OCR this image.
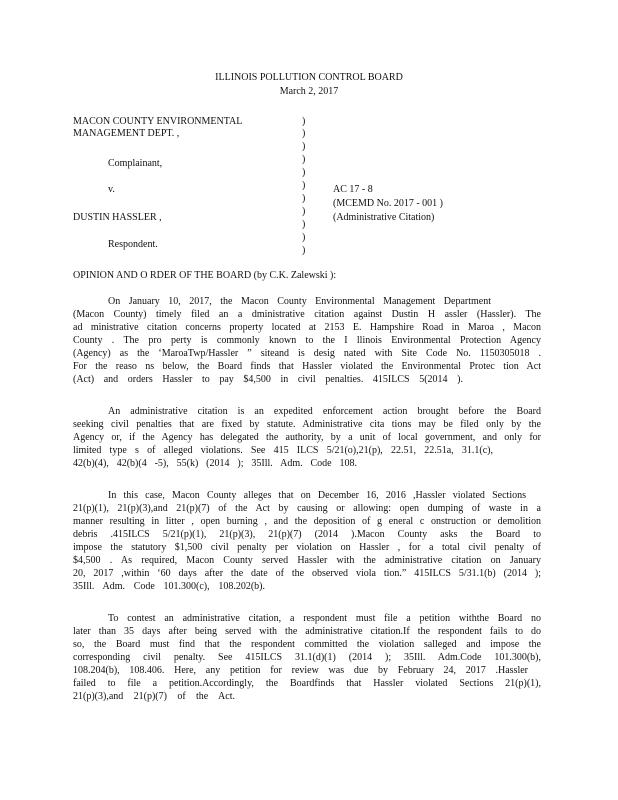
ILLINOIS POLLUTION CONTROL BOARD
March 2, 2017
MACON COUNTY ENVIRONMENTAL
MANAGEMENT DEPT. ,
Complainant,
v.
DUSTIN HASSLER ,
Respondent.
)
)
)
)
)
)
)
)
)
)
)
AC 17 - 8
(MCEMD No. 2017 - 001 )
(Administrative Citation)
OPINION AND O RDER OF THE BOARD (by C.K. Zalewski ):
On January 10, 2017, the Macon County Environmental Management Department
(Macon County) timely filed an a dministrative citation against Dustin H assler (Hassler). The
ad ministrative citation concerns property located at 2153 E. Hampshire Road in Maroa , Macon
County . The pro perty is commonly known to the I llinois Environmental Protection Agency
(Agency) as the ‘MaroaTwp/Hassler ” siteand is desig nated with Site Code No. 1150305018 .
For the reaso ns below, the Board finds that Hassler violated the Environmental Protec tion Act
(Act) and orders Hassler to pay $4,500 in civil penalties. 415ILCS 5(2014 ).
An administrative citation is an expedited enforcement action brought before the Board
seeking civil penalties that are fixed by statute. Administrative cita tions may be filed only by the
Agency or, if the Agency has delegated the authority, by a unit of local government, and only for
limited type s of alleged violations. See 415 ILCS 5/21(o),21(p), 22.51, 22.51a, 31.1(c),
42(b)(4), 42(b)(4 -5), 55(k) (2014 ); 35Ill. Adm. Code 108.
In this case, Macon County alleges that on December 16, 2016 ,Hassler violated Sections
21(p)(1), 21(p)(3),and 21(p)(7) of the Act by causing or allowing: open dumping of waste in a
manner resulting in litter , open burning , and the deposition of g eneral c onstruction or demolition
debris .415ILCS 5/21(p)(1), 21(p)(3), 21(p)(7) (2014 ).Macon County asks the Board to
impose the statutory $1,500 civil penalty per violation on Hassler , for a total civil penalty of
$4,500 . As required, Macon County served Hassler with the administrative citation on January
20, 2017 ,within ‘60 days after the date of the observed viola tion.” 415ILCS 5/31.1(b) (2014 );
35Ill. Adm. Code 101.300(c), 108.202(b).
To contest an administrative citation, a respondent must file a petition withthe Board no
later than 35 days after being served with the administrative citation.If the respondent fails to do
so, the Board must find that the respondent committed the violation salleged and impose the
corresponding civil penalty. See 415ILCS 31.1(d)(1) (2014 ); 35Ill. Adm.Code 101.300(b),
108.204(b), 108.406. Here, any petition for review was due by February 24, 2017 .Hassler
failed to file a petition.Accordingly, the Boardfinds that Hassler violated Sections 21(p)(1),
21(p)(3),and 21(p)(7) of the Act.
